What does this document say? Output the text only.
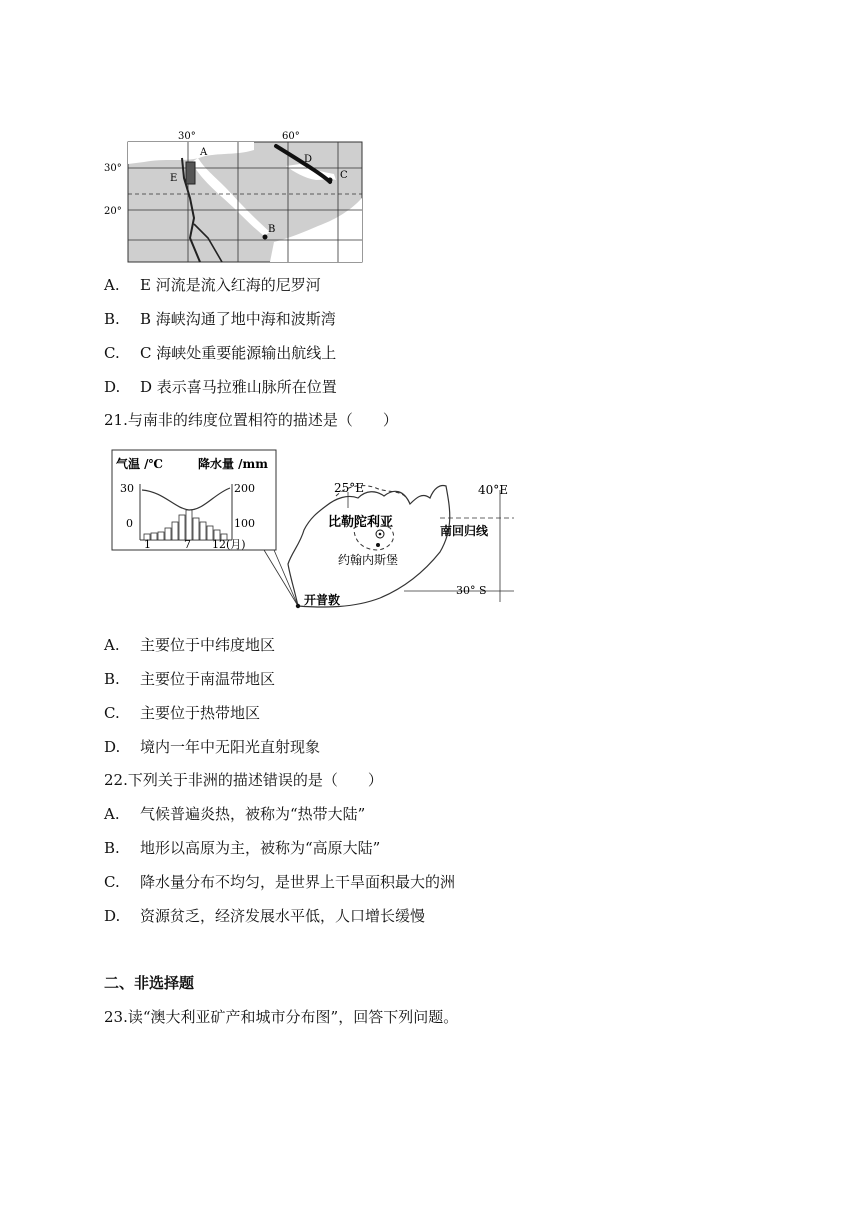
30°	60°
30°
20°
A
E
D
C
B
A. E 河流是流入红海的尼罗河
B. B 海峡沟通了地中海和波斯湾
C. C 海峡处重要能源输出航线上
D. D 表示喜马拉雅山脉所在位置
21.与南非的纬度位置相符的描述是（　　）
气温 /℃	降水量 /mm
30
0
200
100
1	7 12(月)
25°E	40°E
比勒陀利亚
约翰内斯堡
南回归线
开普敦
30° S
A. 主要位于中纬度地区
B. 主要位于南温带地区
C. 主要位于热带地区
D. 境内一年中无阳光直射现象
22.下列关于非洲的描述错误的是（　　）
A. 气候普遍炎热，被称为“热带大陆”
B. 地形以高原为主，被称为“高原大陆”
C. 降水量分布不均匀，是世界上干旱面积最大的洲
D. 资源贫乏，经济发展水平低，人口增长缓慢
二、非选择题
23.读“澳大利亚矿产和城市分布图”，回答下列问题。
